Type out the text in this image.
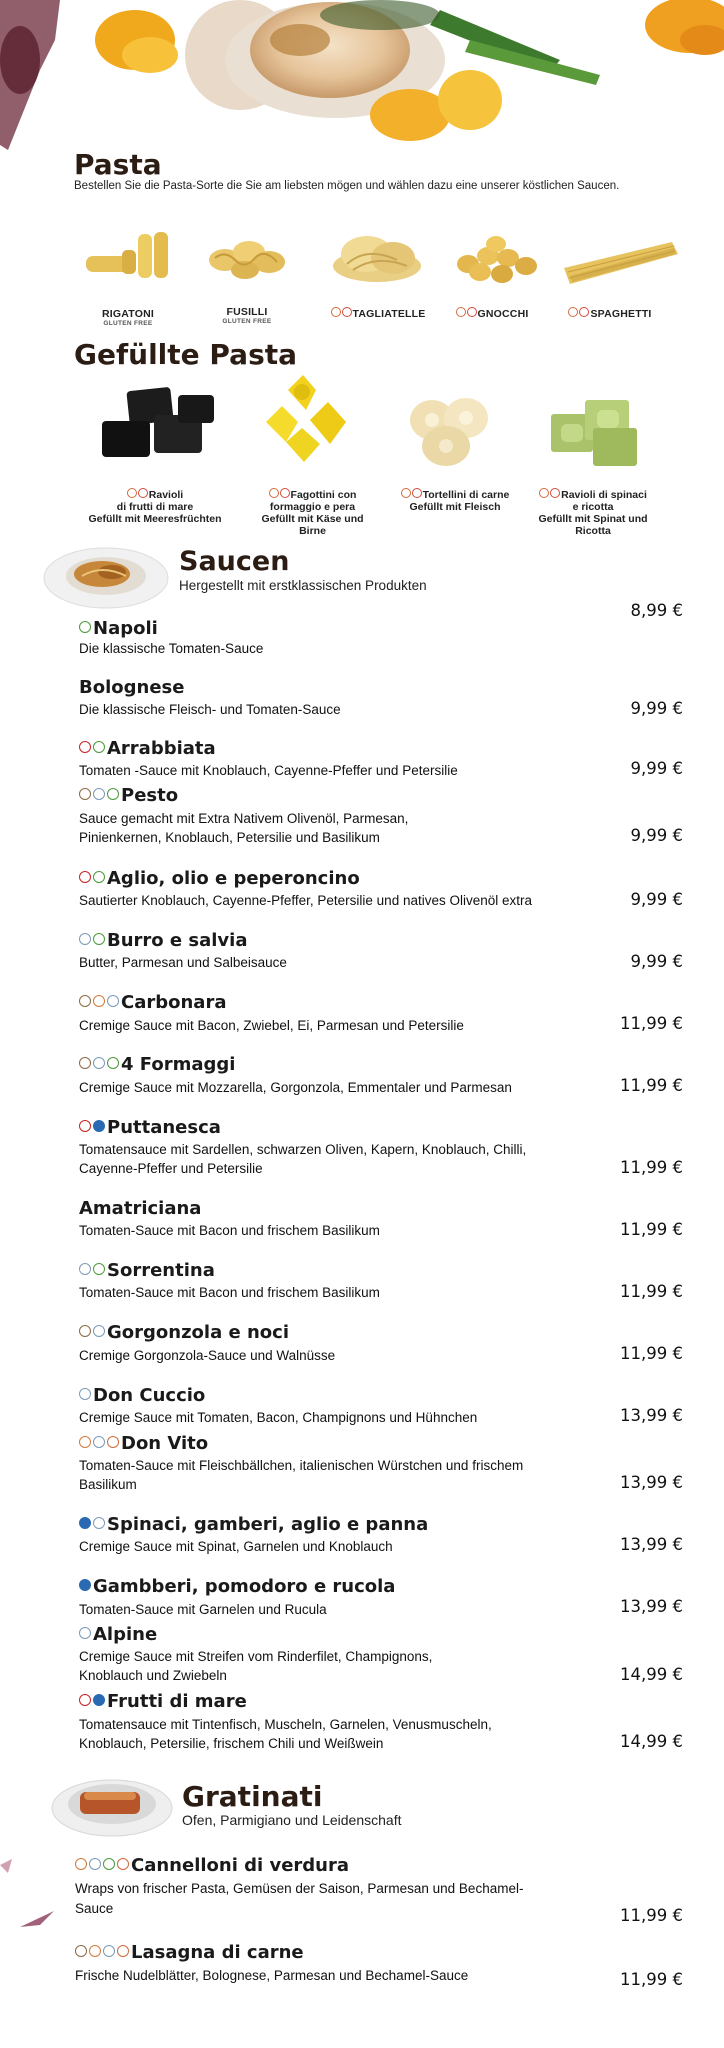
Pasta
Bestellen Sie die Pasta-Sorte die Sie am liebsten mögen und wählen dazu eine unserer köstlichen Saucen.
RIGATONI
GLUTEN FREE
FUSILLI
GLUTEN FREE
TAGLIATELLE	GNOCCHI	SPAGHETTI
Gefüllte Pasta
Ravioli
di frutti di mare
Gefüllt mit Meeresfrüchten
Fagottini con
formaggio e pera
Gefüllt mit Käse und
Birne
Tortellini di carne
Gefüllt mit Fleisch
Ravioli di spinaci
e ricotta
Gefüllt mit Spinat und
Ricotta
Saucen
Hergestellt mit erstklassischen Produkten
Napoli
Die klassische Tomaten-Sauce
8,99 €
Bolognese
Die klassische Fleisch- und Tomaten-Sauce	9,99 €
Arrabbiata
Tomaten -Sauce mit Knoblauch, Cayenne-Pfeffer und Petersilie	9,99 €
Pesto
Sauce gemacht mit Extra Nativem Olivenöl, Parmesan,
Pinienkernen, Knoblauch, Petersilie und Basilikum	9,99 €
Aglio, olio e peperoncino
Sautierter Knoblauch, Cayenne-Pfeffer, Petersilie und natives Olivenöl extra	9,99 €
Burro e salvia
Butter, Parmesan und Salbeisauce	9,99 €
Carbonara
Cremige Sauce mit Bacon, Zwiebel, Ei, Parmesan und Petersilie	11,99 €
4 Formaggi
Cremige Sauce mit Mozzarella, Gorgonzola, Emmentaler und Parmesan	11,99 €
Puttanesca
Tomatensauce mit Sardellen, schwarzen Oliven, Kapern, Knoblauch, Chilli,
Cayenne-Pfeffer und Petersilie	11,99 €
Amatriciana
Tomaten-Sauce mit Bacon und frischem Basilikum	11,99 €
Sorrentina
Tomaten-Sauce mit Bacon und frischem Basilikum	11,99 €
Gorgonzola e noci
Cremige Gorgonzola-Sauce und Walnüsse	11,99 €
Don Cuccio
Cremige Sauce mit Tomaten, Bacon, Champignons und Hühnchen	13,99 €
Don Vito
Tomaten-Sauce mit Fleischbällchen, italienischen Würstchen und frischem
Basilikum	13,99 €
Spinaci, gamberi, aglio e panna
Cremige Sauce mit Spinat, Garnelen und Knoblauch	13,99 €
Gambberi, pomodoro e rucola
Tomaten-Sauce mit Garnelen und Rucula	13,99 €
Alpine
Cremige Sauce mit Streifen vom Rinderfilet, Champignons,
Knoblauch und Zwiebeln	14,99 €
Frutti di mare
Tomatensauce mit Tintenfisch, Muscheln, Garnelen, Venusmuscheln,
Knoblauch, Petersilie, frischem Chili und Weißwein	14,99 €
Gratinati
Ofen, Parmigiano und Leidenschaft
Cannelloni di verdura
Wraps von frischer Pasta, Gemüsen der Saison, Parmesan und Bechamel-
Sauce	11,99 €
Lasagna di carne
Frische Nudelblätter, Bolognese, Parmesan und Bechamel-Sauce	11,99 €
